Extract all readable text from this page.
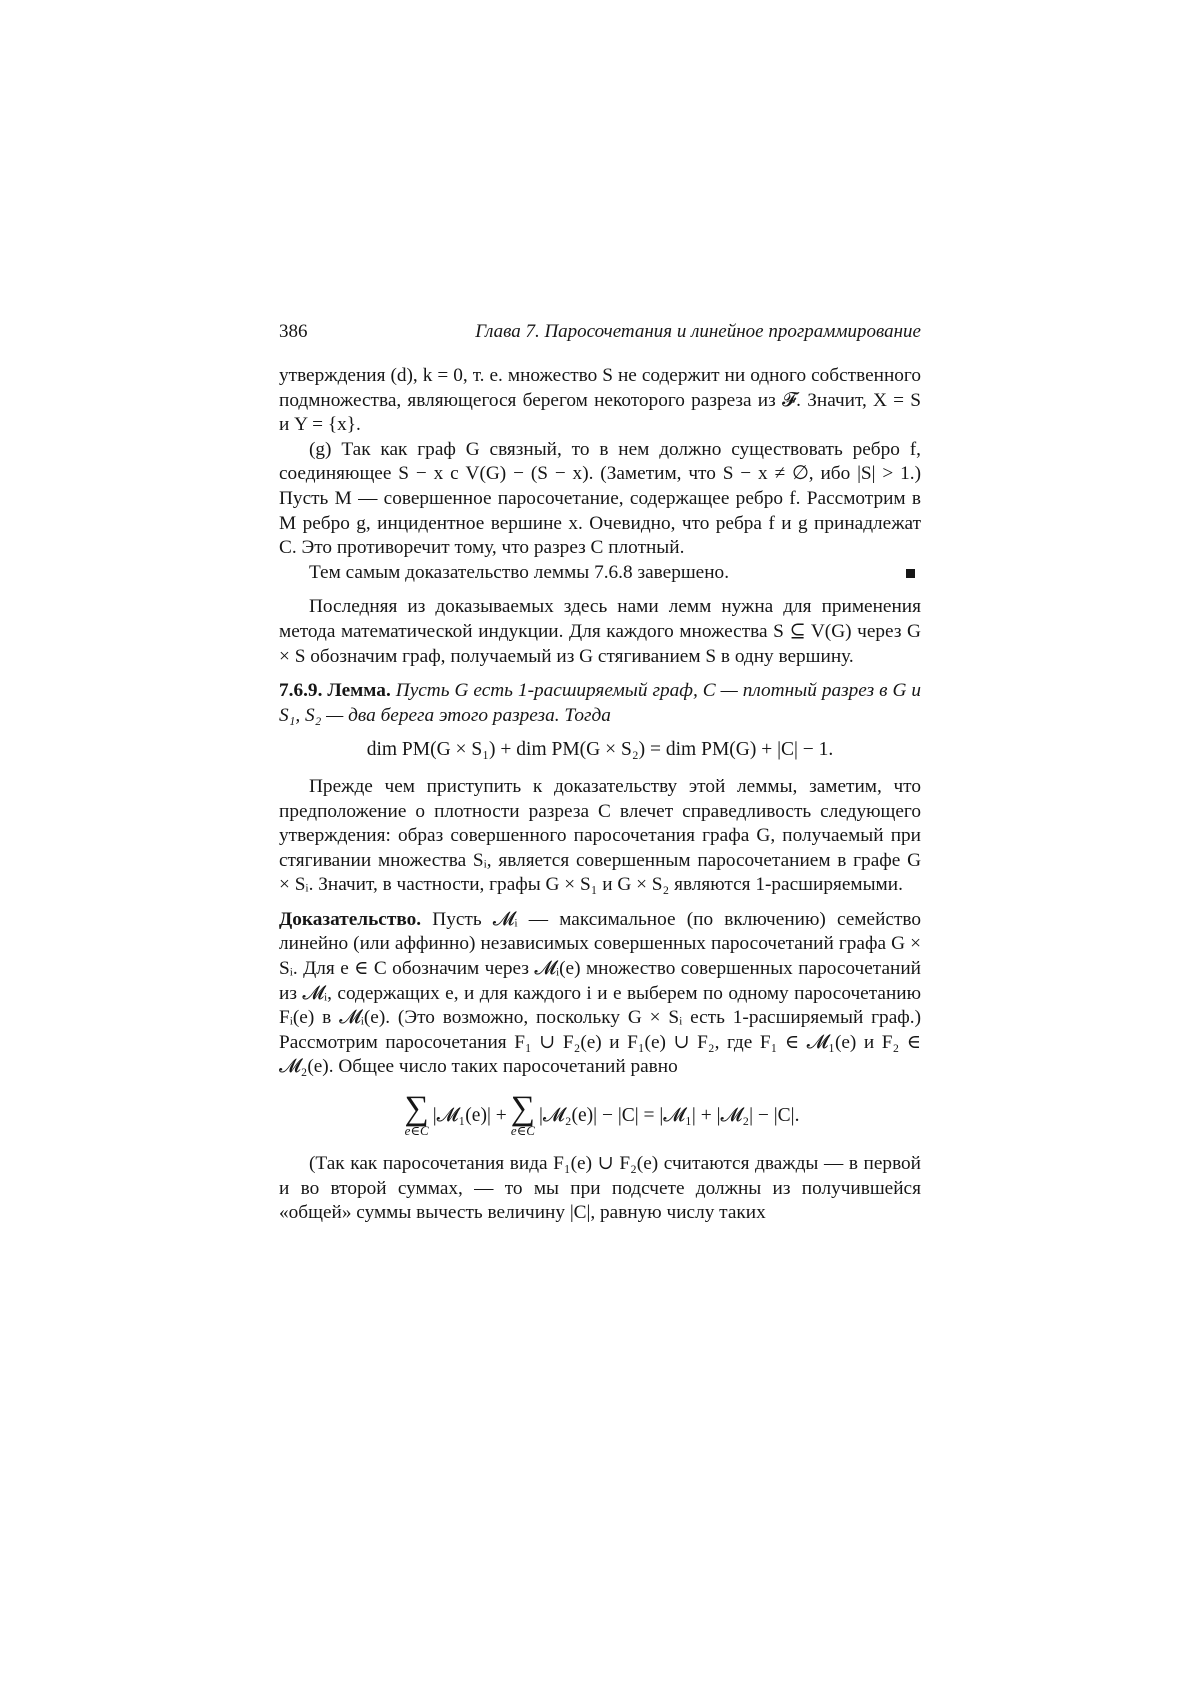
386	Глава 7. Паросочетания и линейное программирование

утверждения (d), k = 0, т. е. множество S не содержит ни одного собственного подмножества, являющегося берегом некоторого разреза из 𝓕. Значит, X = S и Y = {x}.

(g) Так как граф G связный, то в нем должно существовать ребро f, соединяющее S − x с V(G) − (S − x). (Заметим, что S − x ≠ ∅, ибо |S| > 1.) Пусть M — совершенное паросочетание, содержащее ребро f. Рассмотрим в M ребро g, инцидентное вершине x. Очевидно, что ребра f и g принадлежат C. Это противоречит тому, что разрез C плотный.

Тем самым доказательство леммы 7.6.8 завершено.

Последняя из доказываемых здесь нами лемм нужна для применения метода математической индукции. Для каждого множества S ⊆ V(G) через G × S обозначим граф, получаемый из G стягиванием S в одну вершину.

7.6.9. Лемма. Пусть G есть 1-расширяемый граф, C — плотный разрез в G и S₁, S₂ — два берега этого разреза. Тогда

dim PM(G × S₁) + dim PM(G × S₂) = dim PM(G) + |C| − 1.

Прежде чем приступить к доказательству этой леммы, заметим, что предположение о плотности разреза C влечет справедливость следующего утверждения: образ совершенного паросочетания графа G, получаемый при стягивании множества Sᵢ, является совершенным паросочетанием в графе G × Sᵢ. Значит, в частности, графы G × S₁ и G × S₂ являются 1-расширяемыми.

Доказательство. Пусть 𝓜ᵢ — максимальное (по включению) семейство линейно (или аффинно) независимых совершенных паросочетаний графа G × Sᵢ. Для e ∈ C обозначим через 𝓜ᵢ(e) множество совершенных паросочетаний из 𝓜ᵢ, содержащих e, и для каждого i и e выберем по одному паросочетанию Fᵢ(e) в 𝓜ᵢ(e). (Это возможно, поскольку G × Sᵢ есть 1-расширяемый граф.) Рассмотрим паросочетания F₁ ∪ F₂(e) и F₁(e) ∪ F₂, где F₁ ∈ 𝓜₁(e) и F₂ ∈ 𝓜₂(e). Общее число таких паросочетаний равно

∑
e∈C
|𝓜₁(e)| + ∑
e∈C
|𝓜₂(e)| − |C| = |𝓜₁| + |𝓜₂| − |C|.

(Так как паросочетания вида F₁(e) ∪ F₂(e) считаются дважды — в первой и во второй суммах, — то мы при подсчете должны из получившейся «общей» суммы вычесть величину |C|, равную числу таких
